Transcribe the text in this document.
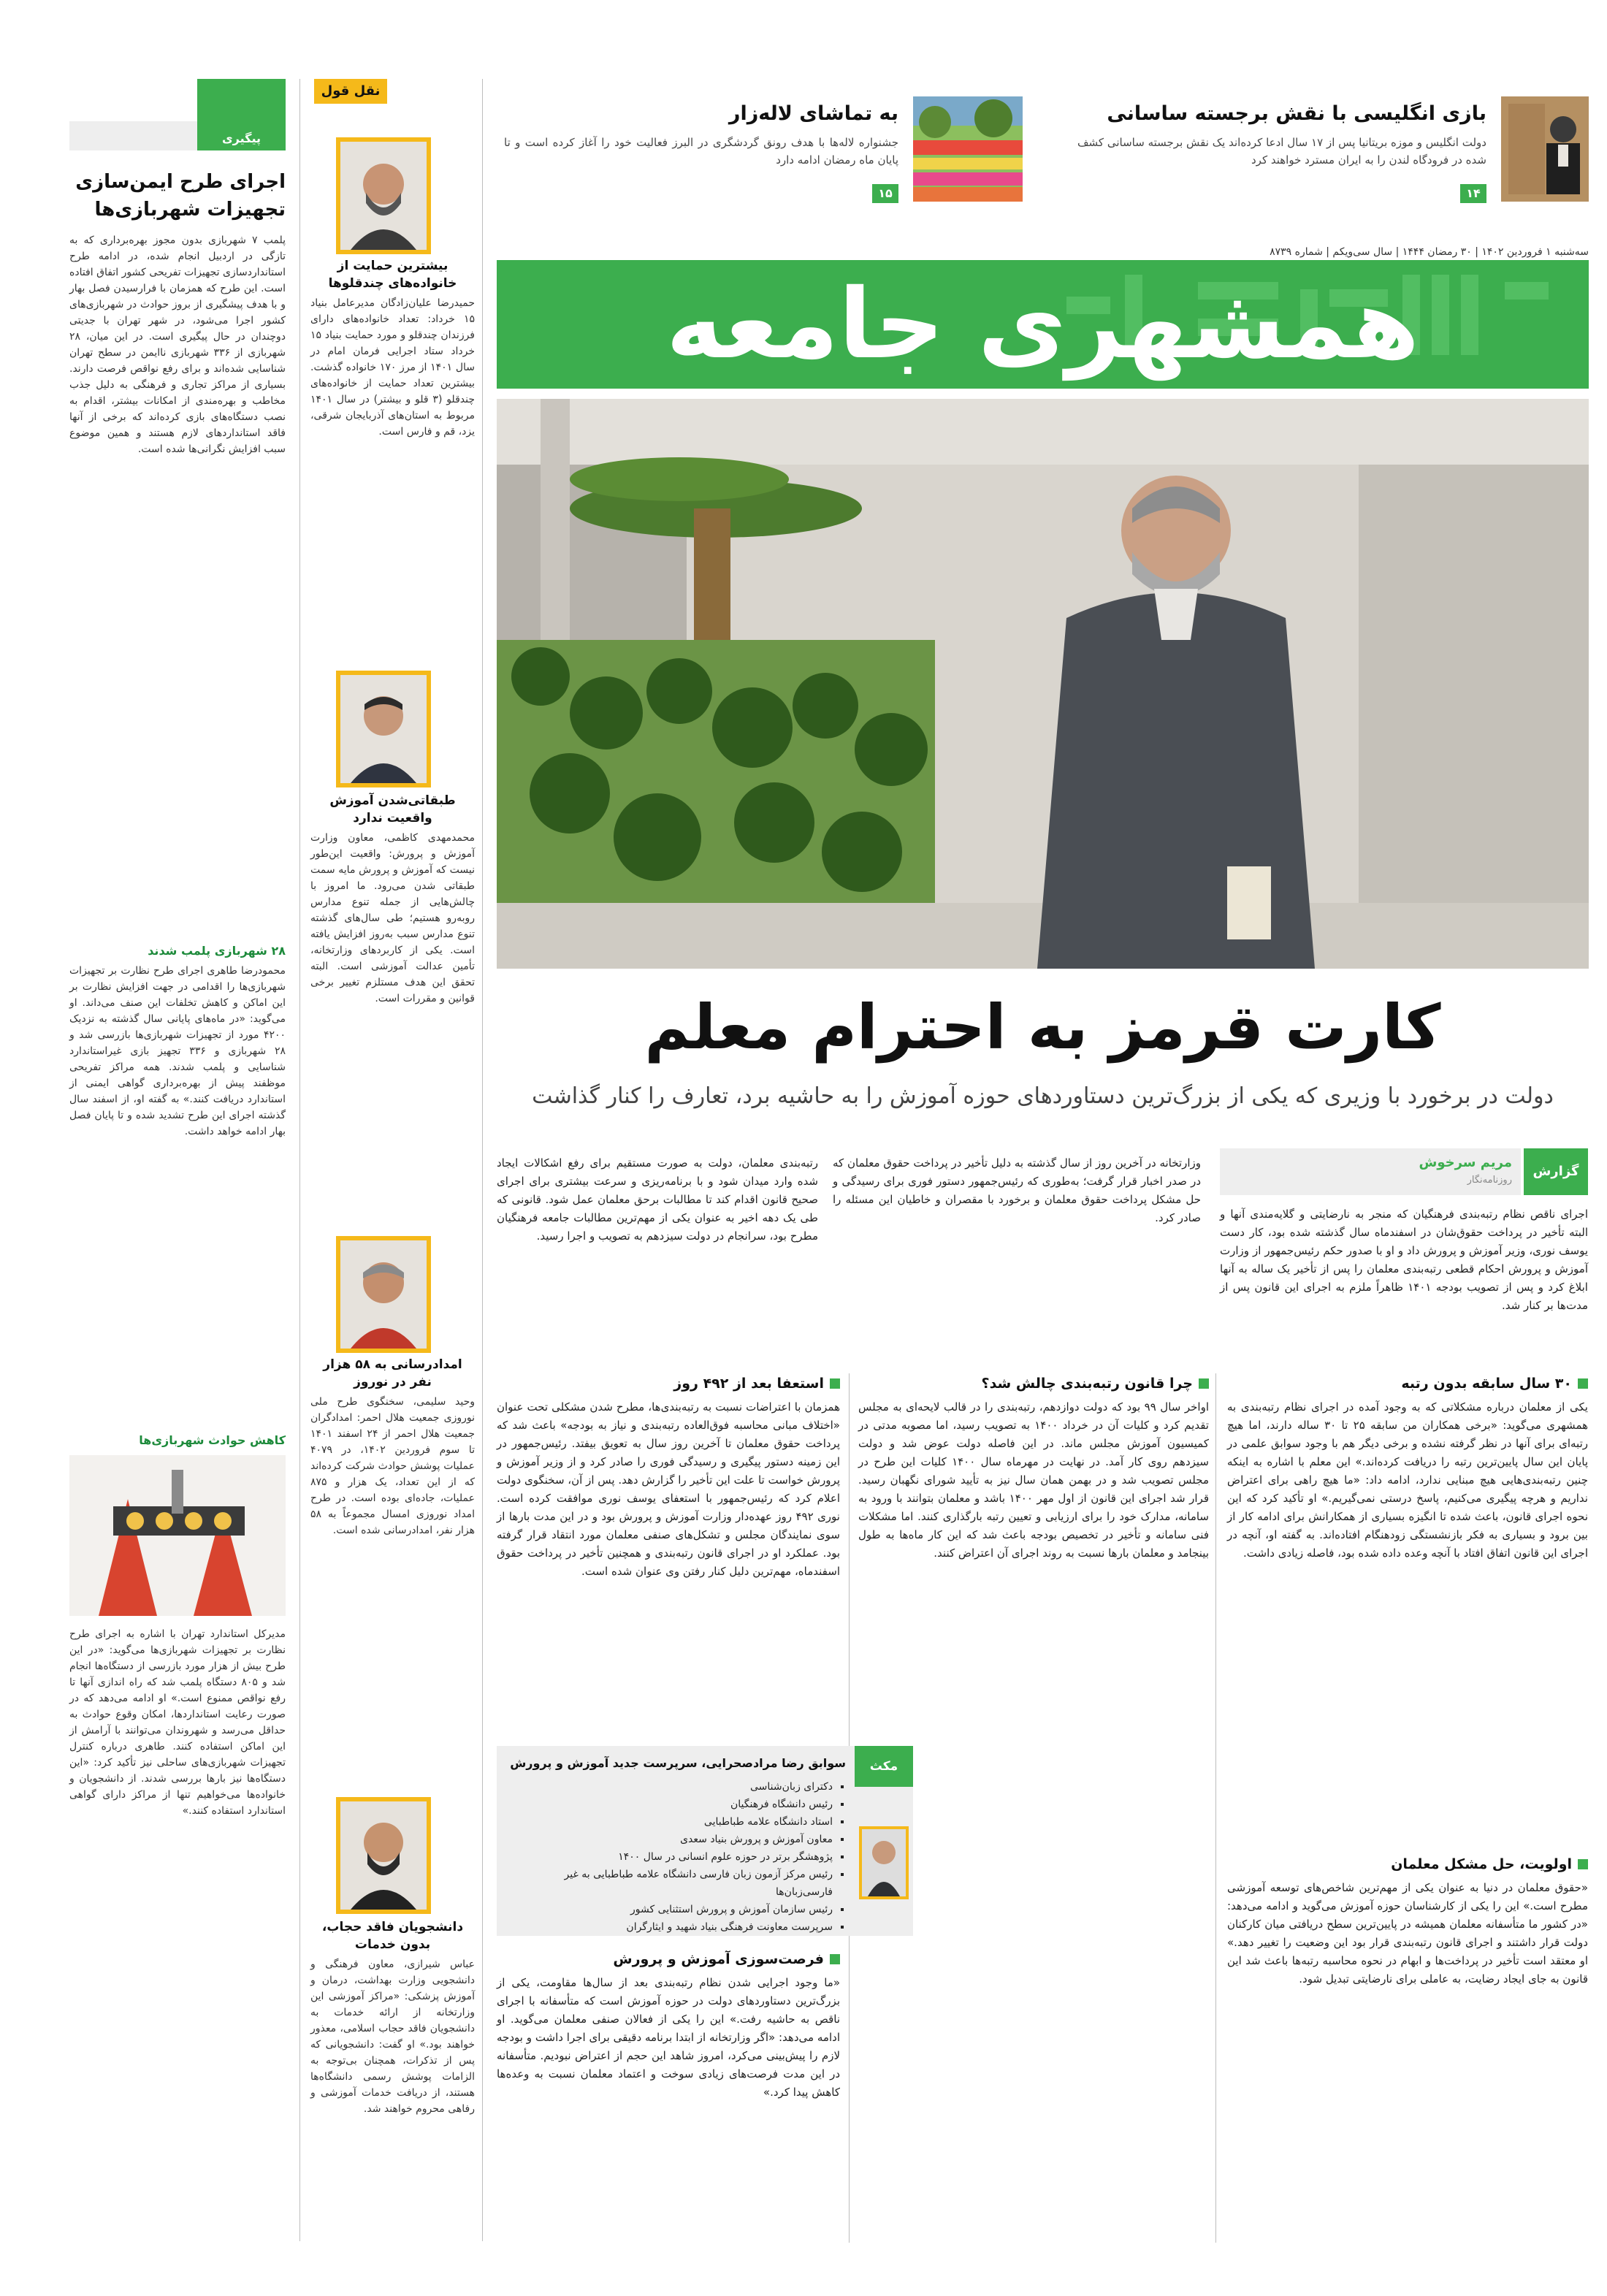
بازی انگلیسی با نقش برجسته ساسانی
دولت انگلیس و موزه بریتانیا پس از ۱۷ سال ادعا کرده‌اند یک نقش برجسته ساسانی کشف شده در فرودگاه لندن را به ایران مسترد خواهند کرد
۱۴
به تماشای لاله‌زار
جشنواره لاله‌ها با هدف رونق گردشگری در البرز فعالیت خود را آغاز کرده است و تا پایان ماه رمضان ادامه دارد
۱۵
سه‌شنبه ۱ فروردین ۱۴۰۲ | ۳۰ رمضان ۱۴۴۴ | سال سی‌ویکم | شماره ۸۷۳۹
همشهری جامعه
کارت قرمز به احترام معلم
دولت در برخورد با وزیری که یکی از بزرگ‌ترین دستاوردهای حوزه آموزش را به حاشیه برد، تعارف را کنار گذاشت
گزارش
مریم سرخوش
روزنامه‌نگار
اجرای ناقص نظام رتبه‌بندی فرهنگیان که منجر به نارضایتی و گلایه‌مندی آنها و البته تأخیر در پرداخت حقوق‌شان در اسفندماه سال گذشته شده بود، کار دست یوسف نوری، وزیر آموزش و پرورش داد و او با صدور حکم رئیس‌جمهور از وزارت آموزش و پرورش احکام قطعی رتبه‌بندی معلمان را پس از تأخیر یک ساله به آنها ابلاغ کرد و پس از تصویب بودجه ۱۴۰۱ ظاهراً ملزم به اجرای این قانون پس از مدت‌ها بر کنار شد.
وزارتخانه در آخرین روز از سال گذشته به دلیل تأخیر در پرداخت حقوق معلمان که در صدر اخبار قرار گرفت؛ به‌طوری که رئیس‌جمهور دستور فوری برای رسیدگی و حل مشکل پرداخت حقوق معلمان و برخورد با مقصران و خاطیان این مسئله را صادر کرد.
رتبه‌بندی معلمان، دولت به صورت مستقیم برای رفع اشکالات ایجاد شده وارد میدان شود و با برنامه‌ریزی و سرعت بیشتری برای اجرای صحیح قانون اقدام کند تا مطالبات برحق معلمان عمل شود. قانونی که طی یک دهه اخیر به عنوان یکی از مهم‌ترین مطالبات جامعه فرهنگیان مطرح بود، سرانجام در دولت سیزدهم به تصویب و اجرا رسید.
۳۰ سال سابقه بدون رتبه
یکی از معلمان درباره مشکلاتی که به وجود آمده در اجرای نظام رتبه‌بندی به همشهری می‌گوید: «برخی همکاران من سابقه ۲۵ تا ۳۰ ساله دارند، اما هیچ رتبه‌ای برای آنها در نظر گرفته نشده و برخی دیگر هم با وجود سوابق علمی در پایان این سال پایین‌ترین رتبه را دریافت کرده‌اند.» این معلم با اشاره به اینکه چنین رتبه‌بندی‌هایی هیچ مبنایی ندارد، ادامه داد: «ما هیچ راهی برای اعتراض نداریم و هرچه پیگیری می‌کنیم، پاسخ درستی نمی‌گیریم.» او تأکید کرد که این نحوه اجرای قانون، باعث شده تا انگیزه بسیاری از همکارانش برای ادامه کار از بین برود و بسیاری به فکر بازنشستگی زودهنگام افتاده‌اند. به گفته او، آنچه در اجرای این قانون اتفاق افتاد با آنچه وعده داده شده بود، فاصله زیادی داشت.
اولویت، حل مشکل معلمان
«حقوق معلمان در دنیا به عنوان یکی از مهم‌ترین شاخص‌های توسعه آموزشی مطرح است.» این را یکی از کارشناسان حوزه آموزش می‌گوید و ادامه می‌دهد: «در کشور ما متأسفانه معلمان همیشه در پایین‌ترین سطح دریافتی میان کارکنان دولت قرار داشتند و اجرای قانون رتبه‌بندی قرار بود این وضعیت را تغییر دهد.» او معتقد است تأخیر در پرداخت‌ها و ابهام در نحوه محاسبه رتبه‌ها باعث شد این قانون به جای ایجاد رضایت، به عاملی برای نارضایتی تبدیل شود.
چرا قانون رتبه‌بندی چالش شد؟
اواخر سال ۹۹ بود که دولت دوازدهم، رتبه‌بندی را در قالب لایحه‌ای به مجلس تقدیم کرد و کلیات آن در خرداد ۱۴۰۰ به تصویب رسید، اما مصوبه مدتی در کمیسیون آموزش مجلس ماند. در این فاصله دولت عوض شد و دولت سیزدهم روی کار آمد. در نهایت در مهرماه سال ۱۴۰۰ کلیات این طرح در مجلس تصویب شد و در بهمن همان سال نیز به تأیید شورای نگهبان رسید. قرار شد اجرای این قانون از اول مهر ۱۴۰۰ باشد و معلمان بتوانند با ورود به سامانه، مدارک خود را برای ارزیابی و تعیین رتبه بارگذاری کنند. اما مشکلات فنی سامانه و تأخیر در تخصیص بودجه باعث شد که این کار ماه‌ها به طول بینجامد و معلمان بارها نسبت به روند اجرای آن اعتراض کنند.
استعفا بعد از ۴۹۲ روز
همزمان با اعتراضات نسبت به رتبه‌بندی‌ها، مطرح شدن مشکلی تحت عنوان «اختلاف مبانی محاسبه فوق‌العاده رتبه‌بندی و نیاز به بودجه» باعث شد که پرداخت حقوق معلمان تا آخرین روز سال به تعویق بیفتد. رئیس‌جمهور در این زمینه دستور پیگیری و رسیدگی فوری را صادر کرد و از وزیر آموزش و پرورش خواست تا علت این تأخیر را گزارش دهد. پس از آن، سخنگوی دولت اعلام کرد که رئیس‌جمهور با استعفای یوسف نوری موافقت کرده است. نوری ۴۹۲ روز عهده‌دار وزارت آموزش و پرورش بود و در این مدت بارها از سوی نمایندگان مجلس و تشکل‌های صنفی معلمان مورد انتقاد قرار گرفته بود. عملکرد او در اجرای قانون رتبه‌بندی و همچنین تأخیر در پرداخت حقوق اسفندماه، مهم‌ترین دلیل کنار رفتن وی عنوان شده است.
مکث
سوابق رضا مرادصحرایی، سرپرست جدید آموزش و پرورش
▪ دکترای زبان‌شناسی
▪ رئیس دانشگاه فرهنگیان
▪ استاد دانشگاه علامه طباطبایی
▪ معاون آموزش و پرورش بنیاد سعدی
▪ پژوهشگر برتر در حوزه علوم انسانی در سال ۱۴۰۰
▪ رئیس مرکز آزمون زبان فارسی دانشگاه علامه طباطبایی به غیر فارسی‌زبان‌ها
▪ رئیس سازمان آموزش و پرورش استثنایی کشور
▪ سرپرست معاونت فرهنگی بنیاد شهید و ایثارگران
فرصت‌سوزی آموزش و پرورش
«ما وجود اجرایی شدن نظام رتبه‌بندی بعد از سال‌ها مقاومت، یکی از بزرگ‌ترین دستاوردهای دولت در حوزه آموزش است که متأسفانه با اجرای ناقص به حاشیه رفت.» این را یکی از فعالان صنفی معلمان می‌گوید. او ادامه می‌دهد: «اگر وزارتخانه از ابتدا برنامه دقیقی برای اجرا داشت و بودجه لازم را پیش‌بینی می‌کرد، امروز شاهد این حجم از اعتراض نبودیم. متأسفانه در این مدت فرصت‌های زیادی سوخت و اعتماد معلمان نسبت به وعده‌ها کاهش پیدا کرد.»
نقل قول
بیشترین حمایت از خانواده‌های چندقلوها
حمیدرضا علیان‌زادگان مدیرعامل بنیاد ۱۵ خرداد: تعداد خانواده‌های دارای فرزندان چندقلو و مورد حمایت بنیاد ۱۵ خرداد ستاد اجرایی فرمان امام در سال ۱۴۰۱ از مرز ۱۷۰ خانواده گذشت. بیشترین تعداد حمایت از خانواده‌های چندقلو (۳ قلو و بیشتر) در سال ۱۴۰۱ مربوط به استان‌های آذربایجان شرقی، یزد، قم و فارس است.
طبقاتی‌شدن آموزش واقعیت ندارد
محمدمهدی کاظمی، معاون وزارت آموزش و پرورش: واقعیت این‌طور نیست که آموزش و پرورش مایه سمت طبقاتی شدن می‌رود. ما امروز با چالش‌هایی از جمله تنوع مدارس روبه‌رو هستیم؛ طی سال‌های گذشته تنوع مدارس سبب ‌به‌روز افزایش یافته است. یکی از کاربردهای وزارتخانه، تأمین عدالت آموزشی است. البته تحقق این هدف مستلزم تغییر برخی قوانین و مقررات است.
امدادرسانی به ۵۸ هزار نفر در نوروز
وحید سلیمی، سخنگوی طرح ملی نوروزی جمعیت هلال احمر: امدادگران جمعیت هلال احمر از ۲۴ اسفند ۱۴۰۱ تا سوم فروردین ۱۴۰۲، در ۴۰۷۹ عملیات پوشش حوادث شرکت کرده‌اند که از این تعداد، یک هزار و ۸۷۵ عملیات، جاده‌ای بوده است. در طرح امداد نوروزی امسال مجموعاً به ۵۸ هزار نفر، امدادرسانی شده است.
دانشجویان فاقد حجاب، بدون خدمات
عباس شیرازی، معاون فرهنگی و دانشجویی وزارت بهداشت، درمان و آموزش پزشکی: «مراکز آموزشی این وزارتخانه از ارائه خدمات به دانشجویان فاقد حجاب اسلامی، معذور خواهند بود.» او گفت: دانشجویانی که پس از تذکرات، همچنان بی‌توجه به الزامات پوشش رسمی دانشگاه‌ها هستند، از دریافت خدمات آموزشی و رفاهی محروم خواهند شد.
پیگیری
اجرای طرح ایمن‌سازی تجهیزات شهربازی‌ها
پلمب ۷ شهربازی بدون مجوز بهره‌برداری که به تازگی در اردبیل انجام شده، در ادامه طرح استانداردسازی تجهیزات تفریحی کشور اتفاق افتاده است. این طرح که همزمان با فرارسیدن فصل بهار و با هدف پیشگیری از بروز حوادث در شهربازی‌های کشور اجرا می‌شود، در شهر تهران با جدیتی دوچندان در حال پیگیری است. در این میان، ۲۸ شهربازی از ۳۳۶ شهربازی ناایمن در سطح تهران شناسایی شده‌اند و برای رفع نواقص فرصت دارند. بسیاری از مراکز تجاری و فرهنگی به دلیل جذب مخاطب و بهره‌مندی از امکانات بیشتر، اقدام به نصب دستگاه‌های بازی کرده‌اند که برخی از آنها فاقد استانداردهای لازم هستند و همین موضوع سبب افزایش نگرانی‌ها شده است.
۲۸ شهربازی پلمب شدند
محمودرضا طاهری اجرای طرح نظارت بر تجهیزات شهربازی‌ها را اقدامی در جهت افزایش نظارت بر این اماکن و کاهش تخلفات این صنف می‌داند. او می‌گوید: «در ماه‌های پایانی سال گذشته به نزدیک ۴۲۰۰ مورد از تجهیزات شهربازی‌ها بازرسی شد و ۲۸ شهربازی و ۳۳۶ تجهیز بازی غیراستاندارد شناسایی و پلمب شدند. همه مراکز تفریحی موظفند پیش از بهره‌برداری گواهی ایمنی از استاندارد دریافت کنند.» به گفته او، از اسفند سال گذشته اجرای این طرح تشدید شده و تا پایان فصل بهار ادامه خواهد داشت.
کاهش حوادث شهربازی‌ها
مدیرکل استاندارد تهران با اشاره به اجرای طرح نظارت بر تجهیزات شهربازی‌ها می‌گوید: «در این طرح بیش از هزار مورد بازرسی از دستگاه‌ها انجام شد و ۸۰۵ دستگاه پلمب شد که راه اندازی آنها تا رفع نواقص ممنوع است.» او ادامه می‌دهد که در صورت رعایت استانداردها، امکان وقوع حوادث به حداقل می‌رسد و شهروندان می‌توانند با آرامش از این اماکن استفاده کنند. طاهری درباره کنترل تجهیزات شهربازی‌های ساحلی نیز تأکید کرد: «این دستگاه‌ها نیز بارها بررسی شدند. از دانشجویان و خانواده‌ها می‌خواهیم تنها از مراکز دارای گواهی استاندارد استفاده کنند.»
